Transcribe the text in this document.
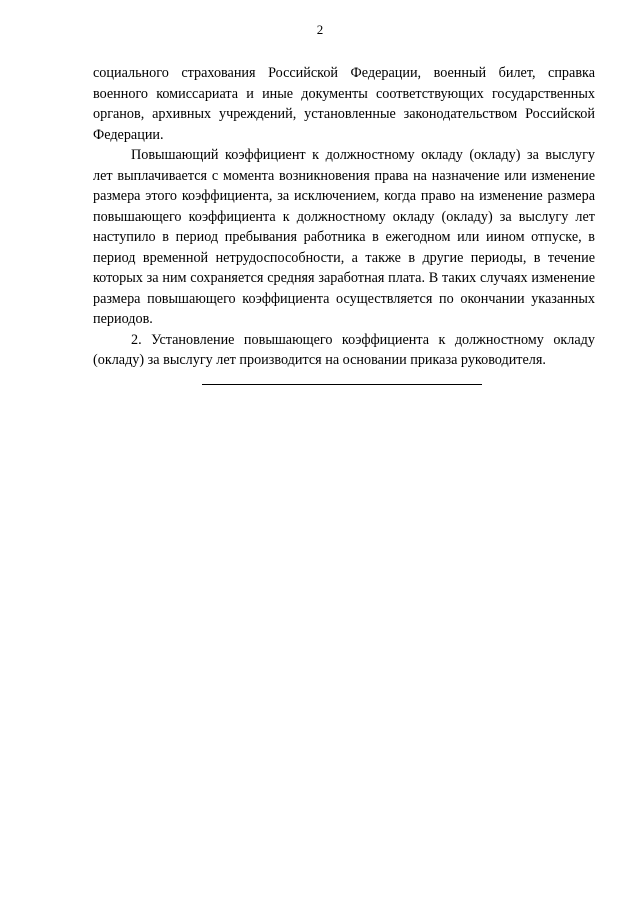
2

социального страхования Российской Федерации, военный билет, справка военного комиссариата и иные документы соответствующих государственных органов, архивных учреждений, установленные законодательством Российской Федерации.

Повышающий коэффициент к должностному окладу (окладу) за выслугу лет выплачивается с момента возникновения права на назначение или изменение размера этого коэффициента, за исключением, когда право на изменение размера повышающего коэффициента к должностному окладу (окладу) за выслугу лет наступило в период пребывания работника в ежегодном или иином отпуске, в период временной нетрудоспособности, а также в другие периоды, в течение которых за ним сохраняется средняя заработная плата. В таких случаях изменение размера повышающего коэффициента осуществляется по окончании указанных периодов.

2. Установление повышающего коэффициента к должностному окладу (окладу) за выслугу лет производится на основании приказа руководителя.
